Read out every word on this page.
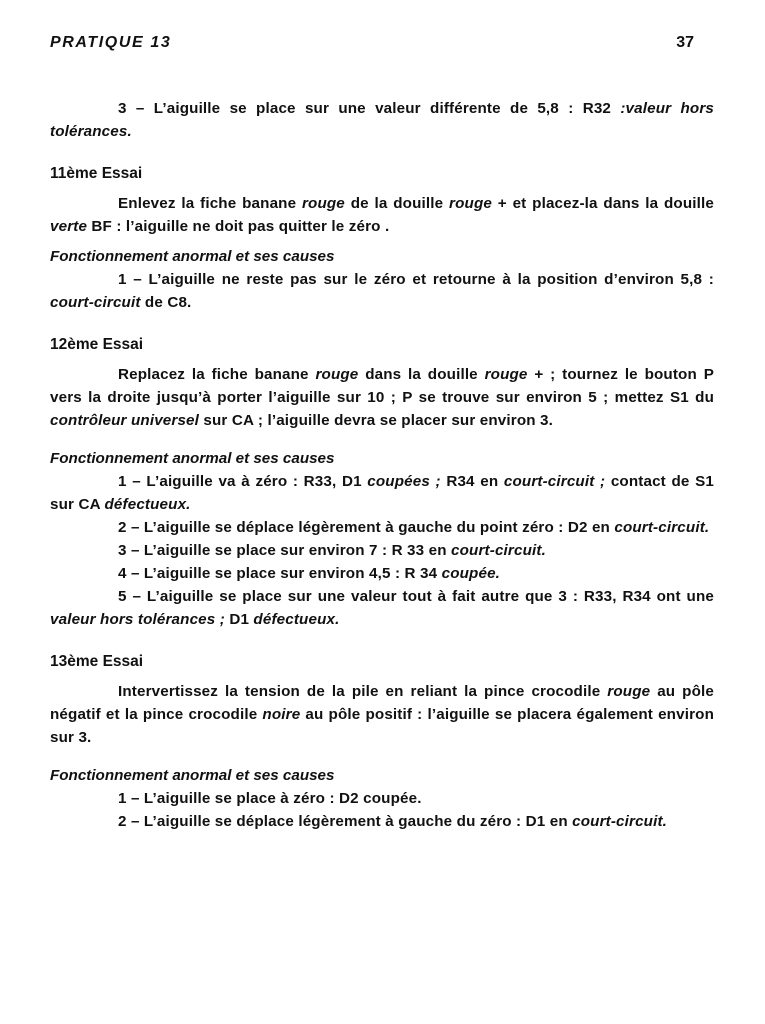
PRATIQUE 13	37

3 – L’aiguille se place sur une valeur différente de 5,8 : R32 :valeur hors tolérances.

11ème Essai

Enlevez la fiche banane rouge de la douille rouge + et placez-la dans la douille verte BF : l’aiguille ne doit pas quitter le zéro .

Fonctionnement anormal et ses causes

1 – L’aiguille ne reste pas sur le zéro et retourne à la position d’environ 5,8 : court-circuit de C8.

12ème Essai

Replacez la fiche banane rouge dans la douille rouge + ; tournez le bouton P vers la droite jusqu’à porter l’aiguille sur 10 ; P se trouve sur environ 5 ; mettez S1 du contrôleur universel sur CA ; l’aiguille devra se placer sur environ 3.

Fonctionnement anormal et ses causes

1 – L’aiguille va à zéro : R33, D1 coupées ; R34 en court-circuit ; contact de S1 sur CA défectueux.

2 – L’aiguille se déplace légèrement à gauche du point zéro : D2 en court-circuit.

3 – L’aiguille se place sur environ 7 : R 33 en court-circuit.

4 – L’aiguille se place sur environ 4,5 : R 34 coupée.

5 – L’aiguille se place sur une valeur tout à fait autre que 3 : R33, R34 ont une valeur hors tolérances ; D1 défectueux.

13ème Essai

Intervertissez la tension de la pile en reliant la pince crocodile rouge au pôle négatif et la pince crocodile noire au pôle positif : l’aiguille se placera également environ sur 3.

Fonctionnement anormal et ses causes

1 – L’aiguille se place à zéro : D2 coupée.

2 – L’aiguille se déplace légèrement à gauche du zéro : D1 en court-circuit.
